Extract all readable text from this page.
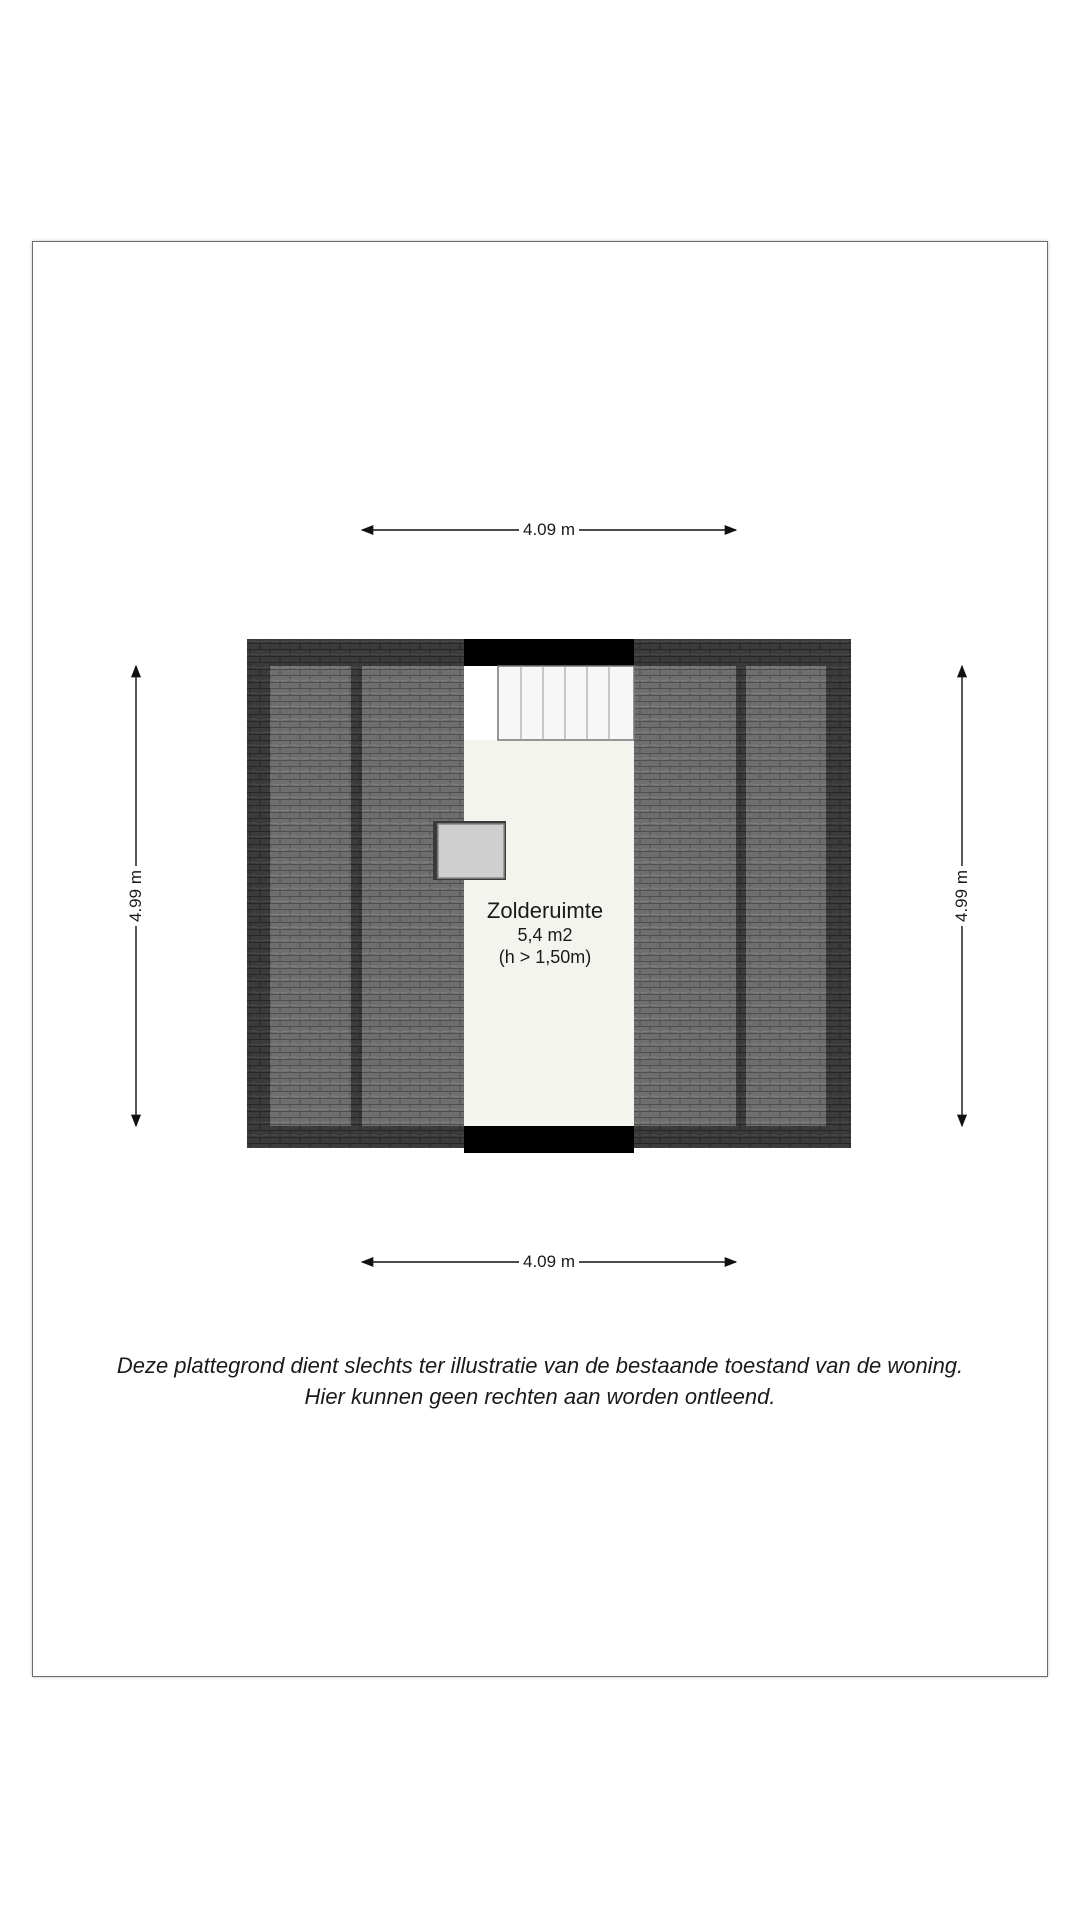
4.09 m
4.09 m
4.99 m	4.99 m
Zolderuimte
5,4 m2
(h > 1,50m)
Deze plattegrond dient slechts ter illustratie van de bestaande toestand van de woning.
Hier kunnen geen rechten aan worden ontleend.
